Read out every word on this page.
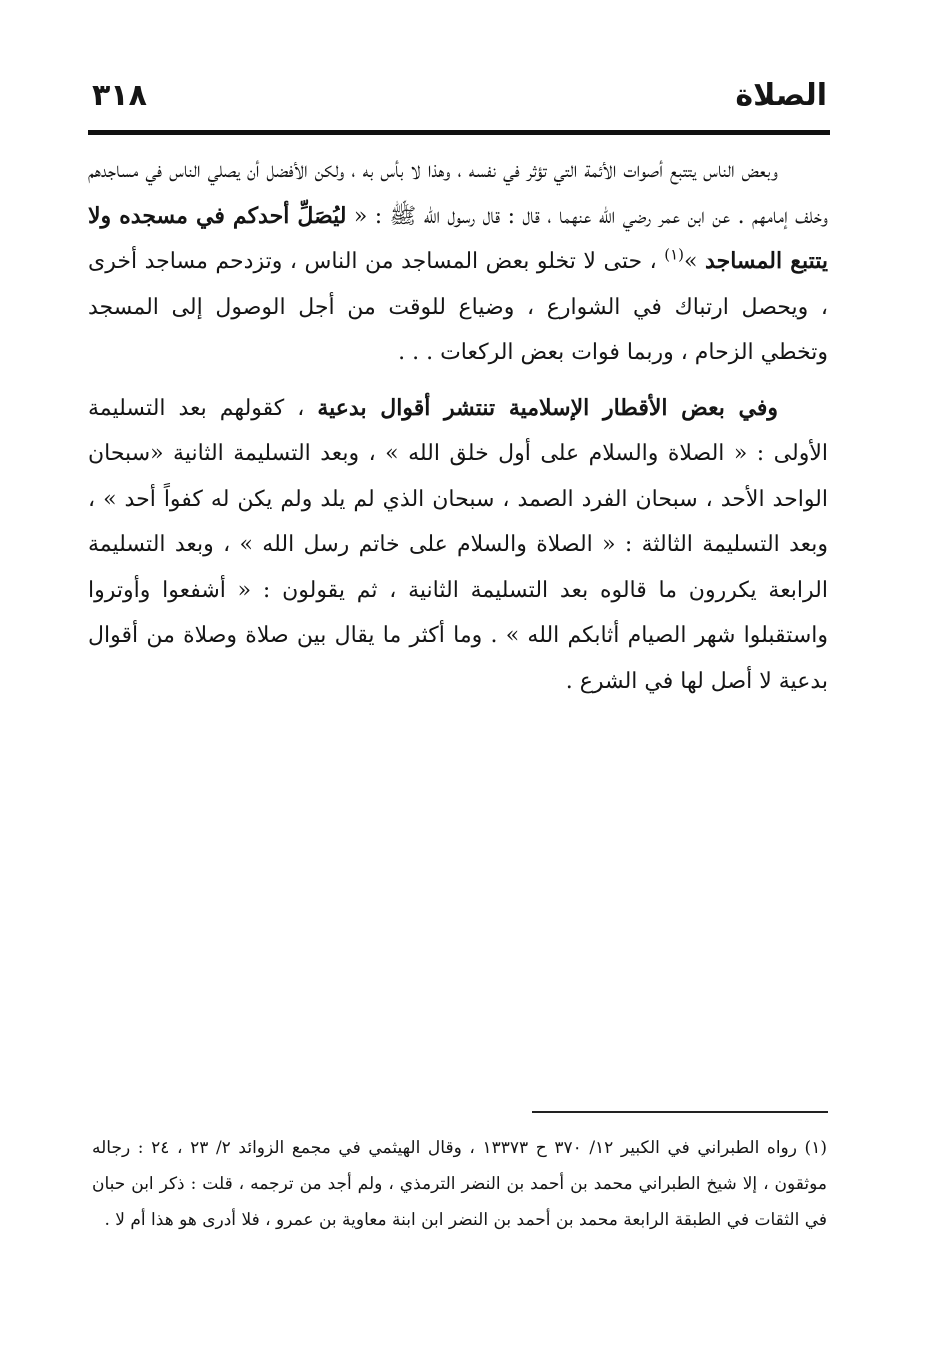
الصلاة
٣١٨

وبعض الناس يتتبع أصوات الأئمة التي تؤثر في نفسه ، وهذا لا بأس به ، ولكن الأفضل أن يصلي الناس في مساجدهم وخلف إمامهم . عن ابن عمر رضي الله عنهما ، قال : قال رسول الله ﷺ : « ليُصَلِّ أحدكم في مسجده ولا يتتبع المساجد »$^{(١)}$ ، حتى لا تخلو بعض المساجد من الناس ، وتزدحم مساجد أخرى ، ويحصل ارتباك في الشوارع ، وضياع للوقت من أجل الوصول إلى المسجد وتخطي الزحام ، وربما فوات بعض الركعات . . .

وفي بعض الأقطار الإسلامية تنتشر أقوال بدعية ، كقولهم بعد التسليمة الأولى : « الصلاة والسلام على أول خلق الله » ، وبعد التسليمة الثانية «سبحان الواحد الأحد ، سبحان الفرد الصمد ، سبحان الذي لم يلد ولم يكن له كفواً أحد » ، وبعد التسليمة الثالثة : « الصلاة والسلام على خاتم رسل الله » ، وبعد التسليمة الرابعة يكررون ما قالوه بعد التسليمة الثانية ، ثم يقولون : « أشفعوا وأوتروا واستقبلوا شهر الصيام أثابكم الله » . وما أكثر ما يقال بين صلاة وصلاة من أقوال بدعية لا أصل لها في الشرع .

(١) رواه الطبراني في الكبير ١٢/ ٣٧٠ ح ١٣٣٧٣ ، وقال الهيثمي في مجمع الزوائد ٢/ ٢٣ ، ٢٤ : رجاله موثقون ، إلا شيخ الطبراني محمد بن أحمد بن النضر الترمذي ، ولم أجد من ترجمه ، قلت : ذكر ابن حبان في الثقات في الطبقة الرابعة محمد بن أحمد بن النضر ابن ابنة معاوية بن عمرو ، فلا أدرى هو هذا أم لا .
